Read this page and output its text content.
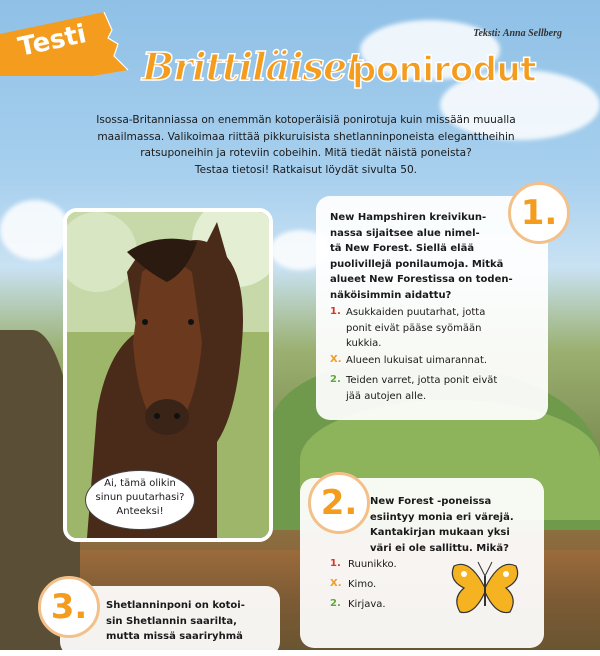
Testi	Teksti: Anna Sellberg
Brittiläiset
ponirodut
Isossa-Britanniassa on enemmän kotoperäisiä ponirotuja kuin missään muualla
maailmassa. Valikoimaa riittää pikkuruisista shetlanninponeista eleganttheihin
ratsuponeihin ja roteviin cobeihin. Mitä tiedät näistä poneista?
Testaa tietosi! Ratkaisut löydät sivulta 50.
Ai, tämä olikin
sinun puutarhasi?
Anteeksi!
1.
New Hampshiren kreivikun-
nassa sijaitsee alue nimel-
tä New Forest. Siellä elää
puolivillejä ponilaumoja. Mitkä
alueet New Forestissa on toden-
näköisimmin aidattu?
1. Asukkaiden puutarhat, jotta
ponit eivät pääse syömään
kukkia.
X. Alueen lukuisat uimarannat.
2. Teiden varret, jotta ponit eivät
jää autojen alle.
2.	New Forest -poneissa
esiintyy monia eri värejä.
Kantakirjan mukaan yksi
väri ei ole sallittu. Mikä?
1. Ruunikko.
X. Kimo.
2. Kirjava.
3.	Shetlanninponi on kotoi-
sin Shetlannin saarilta,
mutta missä saariryhmä
